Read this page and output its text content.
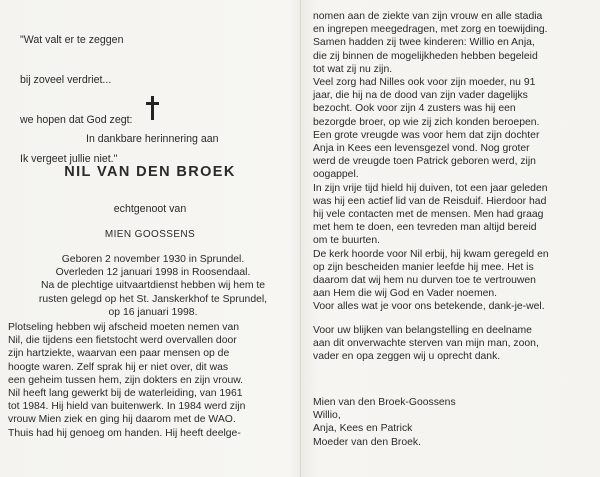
"Wat valt er te zeggen

bij zoveel verdriet...

we hopen dat God zegt:

Ik vergeet jullie niet."

In dankbare herinnering aan
NIL VAN DEN BROEK
echtgenoot van
MIEN GOOSSENS
Geboren 2 november 1930 in Sprundel.
Overleden 12 januari 1998 in Roosendaal.
Na de plechtige uitvaartdienst hebben wij hem te
rusten gelegd op het St. Janskerkhof te Sprundel,
op 16 januari 1998.
Plotseling hebben wij afscheid moeten nemen van
Nil, die tijdens een fietstocht werd overvallen door
zijn hartziekte, waarvan een paar mensen op de
hoogte waren. Zelf sprak hij er niet over, dit was
een geheim tussen hem, zijn dokters en zijn vrouw.
Nil heeft lang gewerkt bij de waterleiding, van 1961
tot 1984. Hij hield van buitenwerk. In 1984 werd zijn
vrouw Mien ziek en ging hij daarom met de WAO.
Thuis had hij genoeg om handen. Hij heeft deelge-
nomen aan de ziekte van zijn vrouw en alle stadia
en ingrepen meegedragen, met zorg en toewijding.
Samen hadden zij twee kinderen: Willio en Anja,
die zij binnen de mogelijkheden hebben begeleid
tot wat zij nu zijn.
Veel zorg had Nilles ook voor zijn moeder, nu 91
jaar, die hij na de dood van zijn vader dagelijks
bezocht. Ook voor zijn 4 zusters was hij een
bezorgde broer, op wie zij zich konden beroepen.
Een grote vreugde was voor hem dat zijn dochter
Anja in Kees een levensgezel vond. Nog groter
werd de vreugde toen Patrick geboren werd, zijn
oogappel.
In zijn vrije tijd hield hij duiven, tot een jaar geleden
was hij een actief lid van de Reisduif. Hierdoor had
hij vele contacten met de mensen. Men had graag
met hem te doen, een tevreden man altijd bereid
om te buurten.
De kerk hoorde voor Nil erbij, hij kwam geregeld en
op zijn bescheiden manier leefde hij mee. Het is
daarom dat wij hem nu durven toe te vertrouwen
aan Hem die wij God en Vader noemen.
Voor alles wat je voor ons betekende, dank-je-wel.
Voor uw blijken van belangstelling en deelname
aan dit onverwachte sterven van mijn man, zoon,
vader en opa zeggen wij u oprecht dank.
Mien van den Broek-Goossens
Willio,
Anja, Kees en Patrick
Moeder van den Broek.
